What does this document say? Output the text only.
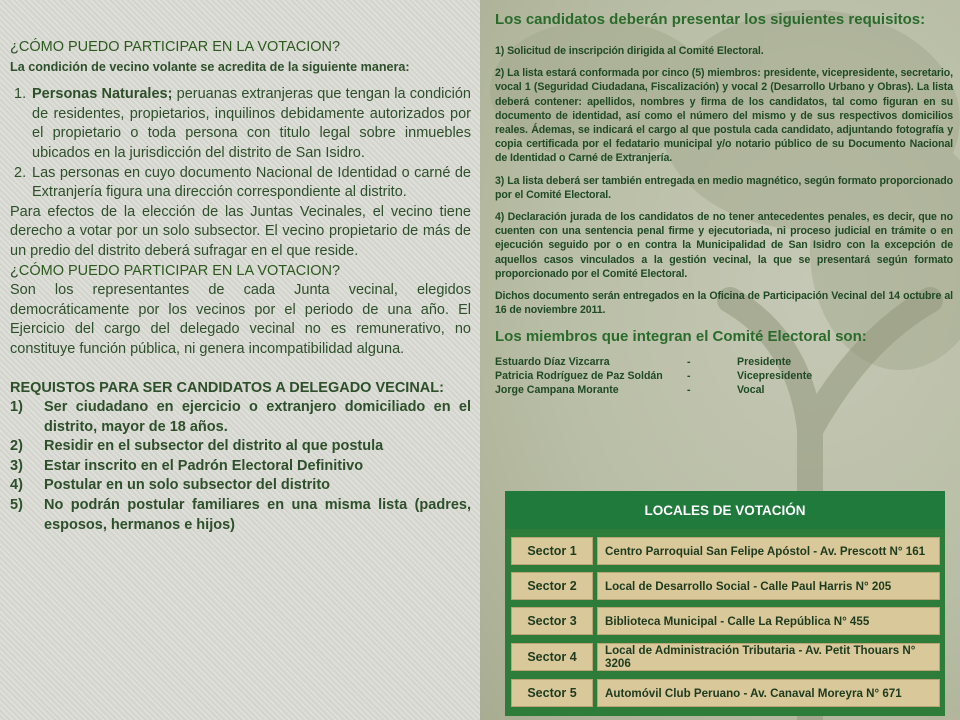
¿CÓMO PUEDO PARTICIPAR EN LA VOTACION?
La condición de vecino volante se acredita de la siguiente manera:
1. Personas Naturales; peruanas extranjeras que tengan la condición de residentes, propietarios, inquilinos debidamente autorizados por el propietario o toda persona con titulo legal sobre inmuebles ubicados en la jurisdicción del distrito de San Isidro.
2. Las personas en cuyo documento Nacional de Identidad o carné de Extranjería figura una dirección correspondiente al distrito.
Para efectos de la elección de las Juntas Vecinales, el vecino tiene derecho a votar por un solo subsector. El vecino propietario de más de un predio del distrito deberá sufragar en el que reside.
¿CÓMO PUEDO PARTICIPAR EN LA VOTACION?
Son los representantes de cada Junta vecinal, elegidos democráticamente por los vecinos por el periodo de una año. El Ejercicio del cargo del delegado vecinal no es remunerativo, no constituye función pública, ni genera incompatibilidad alguna.
REQUISTOS PARA SER CANDIDATOS A DELEGADO VECINAL:
1) Ser ciudadano en ejercicio o extranjero domiciliado en el distrito, mayor de 18 años.
2) Residir en el subsector del distrito al que postula
3) Estar inscrito en el Padrón Electoral Definitivo
4) Postular en un solo subsector del distrito
5) No podrán postular familiares en una misma lista (padres, esposos, hermanos e hijos)
Los candidatos deberán presentar los siguientes requisitos:
1) Solicitud de inscripción dirigida al Comité Electoral.
2) La lista estará conformada por cinco (5) miembros: presidente, vicepresidente, secretario, vocal 1 (Seguridad Ciudadana, Fiscalización) y vocal 2 (Desarrollo Urbano y Obras). La lista deberá contener: apellidos, nombres y firma de los candidatos, tal como figuran en su documento de identidad, así como el número del mismo y de sus respectivos domicilios reales. Ádemas, se indicará el cargo al que postula cada candidato, adjuntando fotografía y copia certificada por el fedatario municipal y/o notario público de su Documento Nacional de Identidad o Carné de Extranjería.
3) La lista deberá ser también entregada en medio magnético, según formato proporcionado por el Comité Electoral.
4) Declaración jurada de los candidatos de no tener antecedentes penales, es decir, que no cuenten con una sentencia penal firme y ejecutoriada, ni proceso judicial en trámite o en ejecución seguido por o en contra la Municipalidad de San Isidro con la excepción de aquellos casos vinculados a la gestión vecinal, la que se presentará según formato proporcionado por el Comité Electoral.
Dichos documento serán entregados en la Oficina de Participación Vecinal del 14 octubre al 16 de noviembre 2011.
Los miembros que integran el Comité Electoral son:
Estuardo Díaz Vizcarra	-	Presidente
Patricia Rodríguez de Paz Soldán	-	Vicepresidente
Jorge Campana Morante	-	Vocal
LOCALES DE VOTACIÓN
Sector 1	Centro Parroquial San Felipe Apóstol - Av. Prescott N° 161
Sector 2	Local de Desarrollo Social - Calle Paul Harris N° 205
Sector 3	Biblioteca Municipal - Calle La República N° 455
Sector 4	Local de Administración Tributaria - Av. Petit Thouars N° 3206
Sector 5	Automóvil Club Peruano - Av. Canaval Moreyra N° 671
